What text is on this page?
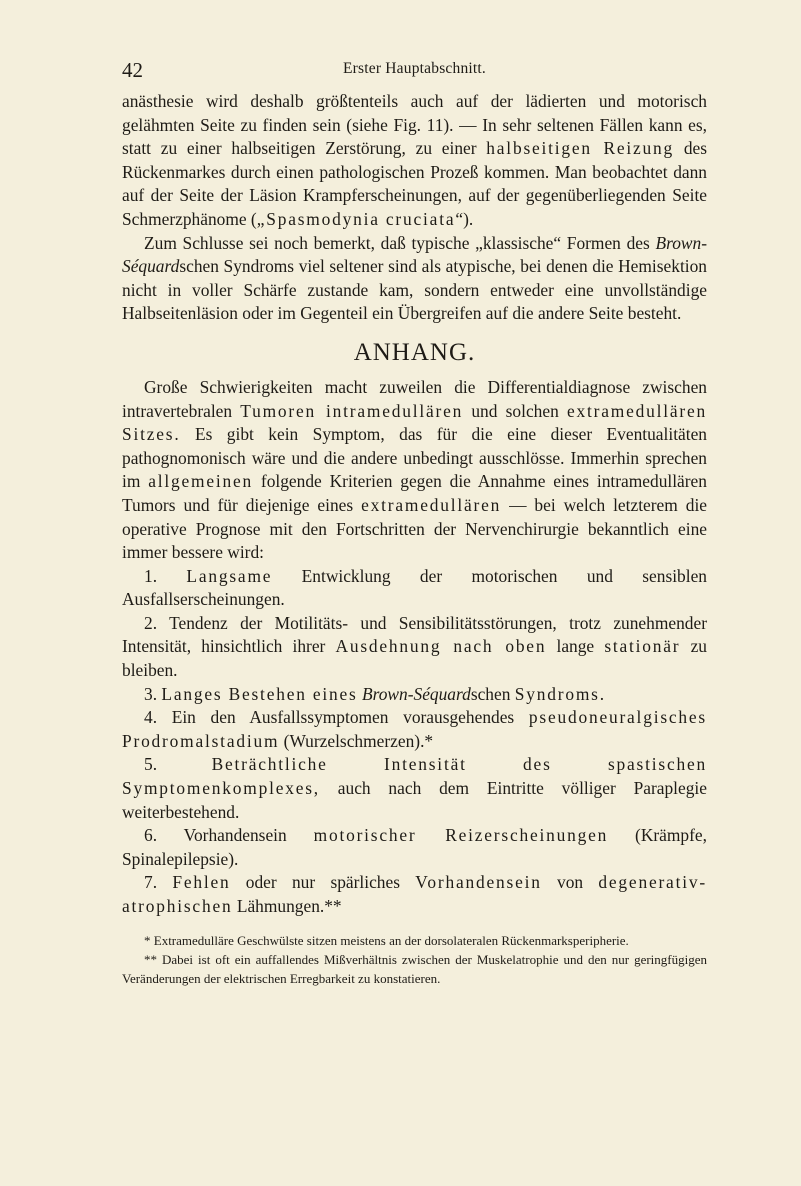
42	Erster Hauptabschnitt.

anästhesie wird deshalb größtenteils auch auf der lädierten und motorisch gelähmten Seite zu finden sein (siehe Fig. 11). — In sehr seltenen Fällen kann es, statt zu einer halbseitigen Zerstörung, zu einer halbseitigen Reizung des Rückenmarkes durch einen pathologischen Prozeß kommen. Man beobachtet dann auf der Seite der Läsion Krampferscheinungen, auf der gegenüberliegenden Seite Schmerzphänome („Spasmodynia cruciata“).

Zum Schlusse sei noch bemerkt, daß typische „klassische“ Formen des Brown-Séquardschen Syndroms viel seltener sind als atypische, bei denen die Hemisektion nicht in voller Schärfe zustande kam, sondern entweder eine unvollständige Halbseitenläsion oder im Gegenteil ein Übergreifen auf die andere Seite besteht.

ANHANG.

Große Schwierigkeiten macht zuweilen die Differentialdiagnose zwischen intravertebralen Tumoren intramedullären und solchen extramedullären Sitzes. Es gibt kein Symptom, das für die eine dieser Eventualitäten pathognomonisch wäre und die andere unbedingt ausschlösse. Immerhin sprechen im allgemeinen folgende Kriterien gegen die Annahme eines intramedullären Tumors und für diejenige eines extramedullären — bei welch letzterem die operative Prognose mit den Fortschritten der Nervenchirurgie bekanntlich eine immer bessere wird:

1. Langsame Entwicklung der motorischen und sensiblen Ausfallserscheinungen.

2. Tendenz der Motilitäts- und Sensibilitätsstörungen, trotz zunehmender Intensität, hinsichtlich ihrer Ausdehnung nach oben lange stationär zu bleiben.

3. Langes Bestehen eines Brown-Séquardschen Syndroms.

4. Ein den Ausfallssymptomen vorausgehendes pseudoneuralgisches Prodromalstadium (Wurzelschmerzen).*

5.	Beträchtliche Intensität des spastischen Symptomenkomplexes, auch nach dem Eintritte völliger Paraplegie weiterbestehend.

6. Vorhandensein motorischer Reizerscheinungen (Krämpfe, Spinalepilepsie).

7. Fehlen oder nur spärliches Vorhandensein von degenerativ-atrophischen Lähmungen.**

* Extramedulläre Geschwülste sitzen meistens an der dorsolateralen Rückenmarksperipherie.

** Dabei ist oft ein auffallendes Mißverhältnis zwischen der Muskelatrophie und den nur geringfügigen Veränderungen der elektrischen Erregbarkeit zu konstatieren.
